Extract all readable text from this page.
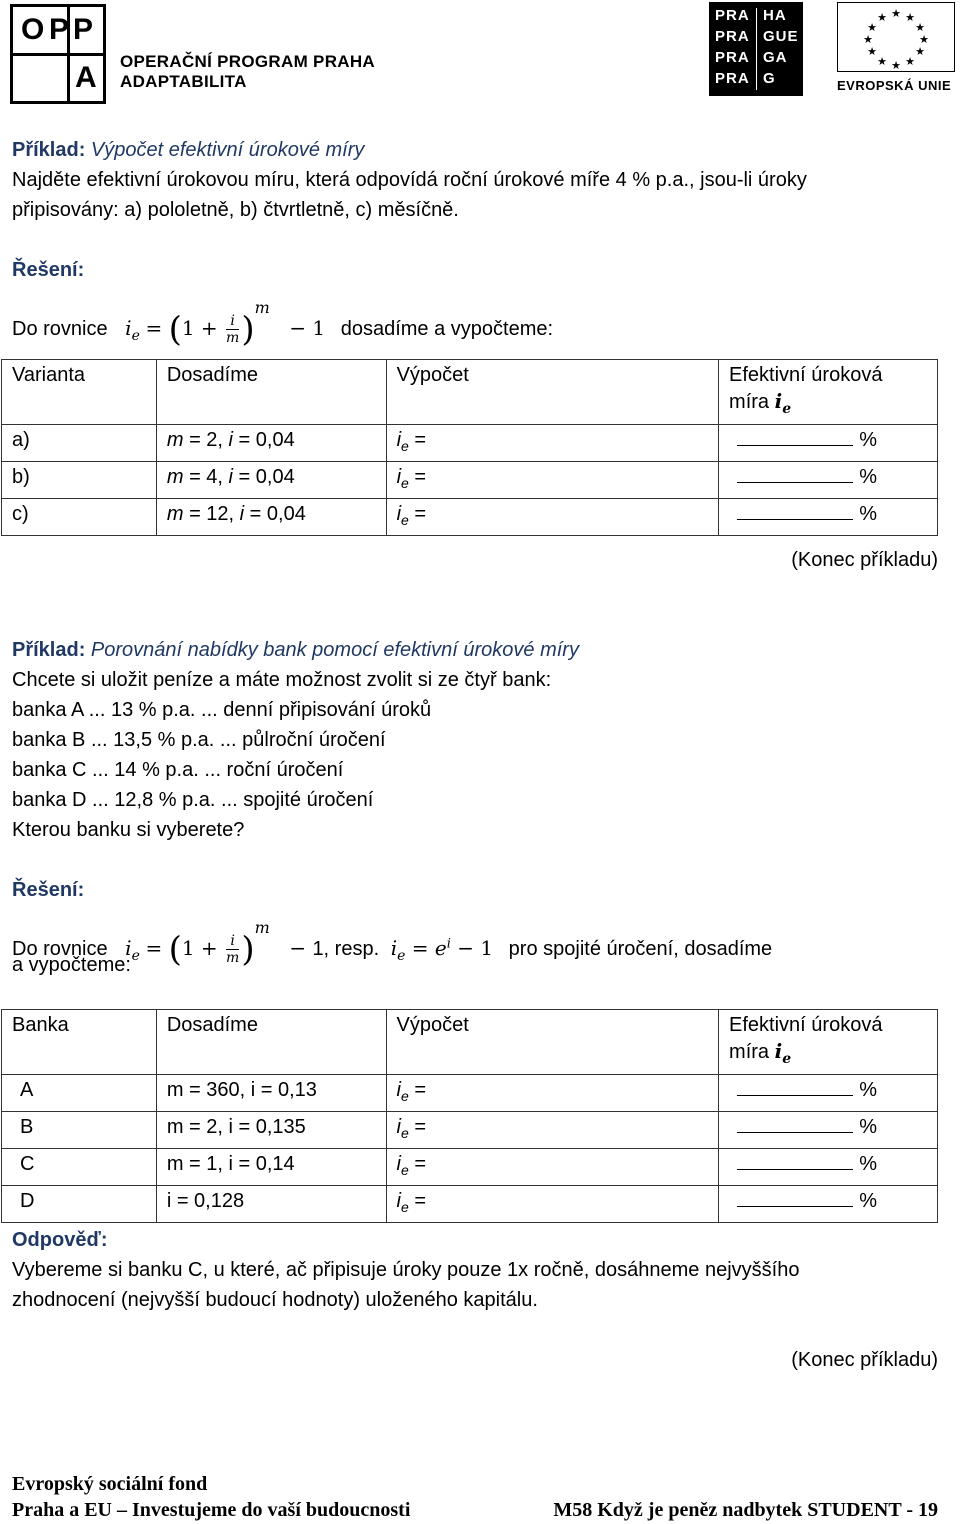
O P P
A OPERAČNÍ PROGRAM PRAHA
ADAPTABILITA
PRA HA
PRA GUE
PRA GA
PRA G
★ ★
★
★
★
★
★
★
★
★
★
★
EVROPSKÁ UNIE
Příklad: Výpočet efektivní úrokové míry
Najděte efektivní úrokovou míru, která odpovídá roční úrokové míře 4 % p.a., jsou-li úroky
připisovány: a) pololetně, b) čtvrtletně, c) měsíčně.
Řešení:
Do rovnice $i_e = (1 + \frac{i}{m})^m - 1$ dosadíme a vypočteme:
Varianta	Dosadíme	Výpočet	Efektivní úroková
míra $i_e$
a)	m = 2, i = 0,04	$i_e$ =	%
b)	m = 4, i = 0,04	$i_e$ =	%
c)	m = 12, i = 0,04	$i_e$ =	%
(Konec příkladu)
Příklad: Porovnání nabídky bank pomocí efektivní úrokové míry
Chcete si uložit peníze a máte možnost zvolit si ze čtyř bank:
banka A ... 13 % p.a. ... denní připisování úroků
banka B ... 13,5 % p.a. ... půlroční úročení
banka C ... 14 % p.a. ... roční úročení
banka D ... 12,8 % p.a. ... spojité úročení
Kterou banku si vyberete?
Řešení:
Do rovnice $i_e = (1 + \frac{i}{m})^m - 1$, resp. $i_e = e^i - 1$ pro spojité úročení, dosadíme
a vypočteme:
Banka	Dosadíme	Výpočet	Efektivní úroková
míra $i_e$
A	m = 360, i = 0,13	$i_e$ =	%
B	m = 2, i = 0,135	$i_e$ =	%
C	m = 1, i = 0,14	$i_e$ =	%
D	i = 0,128	$i_e$ =	%
Odpověď:
Vybereme si banku C, u které, ač připisuje úroky pouze 1x ročně, dosáhneme nejvyššího
zhodnocení (nejvyšší budoucí hodnoty) uloženého kapitálu.
(Konec příkladu)
Evropský sociální fond
Praha a EU – Investujeme do vaší budoucnosti	M58 Když je peněz nadbytek STUDENT - 19
